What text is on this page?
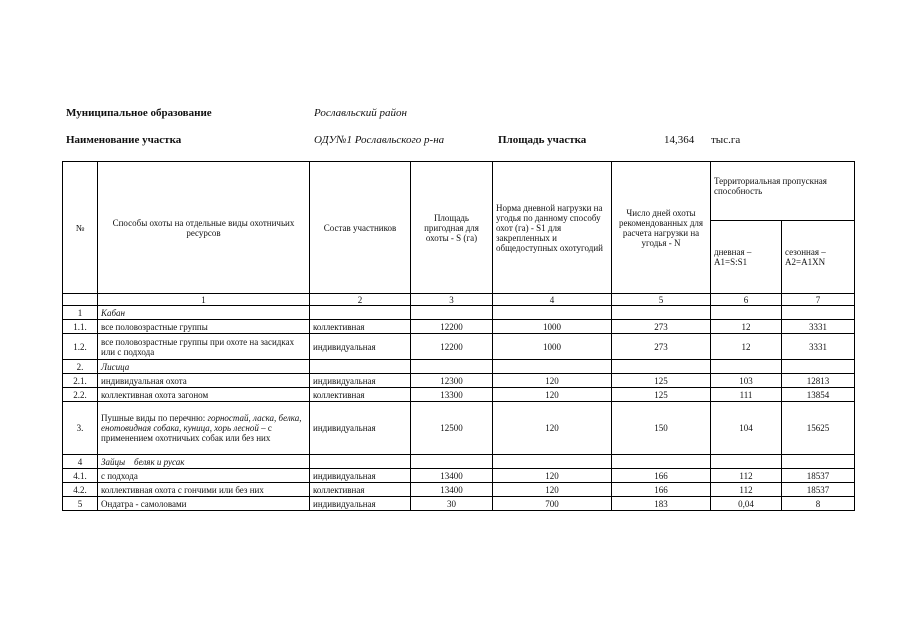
Муниципальное образование	Рославльский район
Наименование участка	ОДУ№1 Рославльского р-на	Площадь участка	14,364 тыс.га
№	Способы охоты на отдельные виды охотничьих ресурсов	Состав участников	Площадь пригодная для охоты - S (га)	Норма дневной нагрузки на угодья по данному способу охот (га) - S1 для закрепленных и общедоступных охотугодий	Число дней охоты рекомендованных для расчета нагрузки на угодья - N	Территориальная пропускная способность	
						дневная – A1=S:S1	сезонная – A2=A1XN
	1	2	3	4	5	6	7
1	Кабан						
1.1.	все половозрастные группы	коллективная	12200	1000	273	12	3331
1.2.	все половозрастные группы при охоте на засидках или с подхода	индивидуальная	12200	1000	273	12	3331
2.	Лисица						
2.1.	индивидуальная охота	индивидуальная	12300	120	125	103	12813
2.2.	коллективная охота загоном	коллективная	13300	120	125	111	13854
3.	Пушные виды по перечню: горностай, ласка, белка, енотовидная собака, куница, хорь лесной – с применением охотничьих собак или без них	индивидуальная	12500	120	150	104	15625
4	Зайцы    беляк и русак						
4.1.	с подхода	индивидуальная	13400	120	166	112	18537
4.2.	коллективная охота с гончими или без них	коллективная	13400	120	166	112	18537
5	Ондатра - самоловами	индивидуальная	30	700	183	0,04	8
